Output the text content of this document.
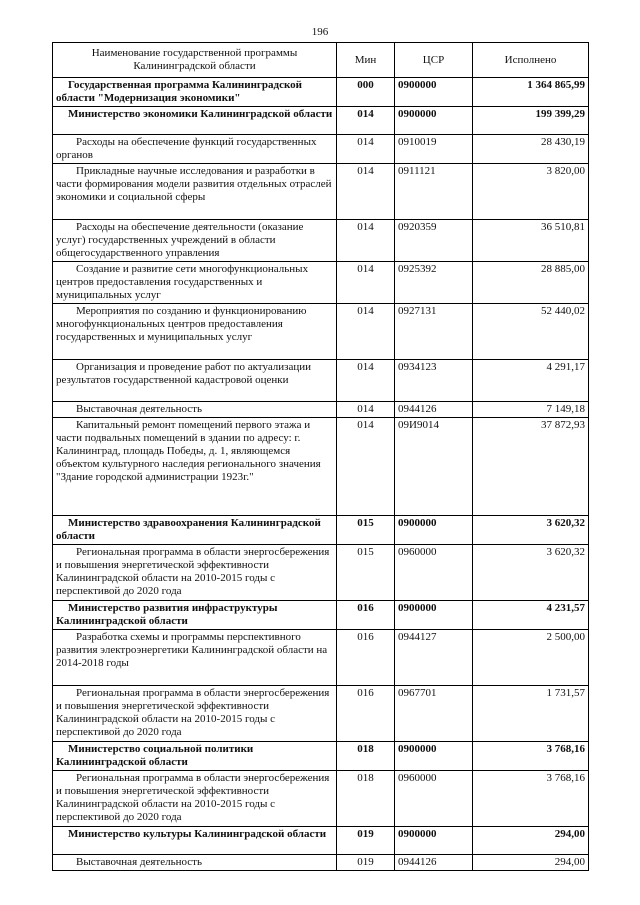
196
Наименование государственной программы Калининградской области	Мин	ЦСР	Исполнено
Государственная программа Калининградской области "Модернизация экономики"	000	0900000	1 364 865,99
Министерство экономики Калининградской области	014	0900000	199 399,29
Расходы на обеспечение функций государственных органов	014	0910019	28 430,19
Прикладные научные исследования и разработки в части формирования модели развития отдельных отраслей экономики и социальной сферы	014	0911121	3 820,00
Расходы на обеспечение деятельности (оказание услуг) государственных учреждений в области общегосударственного управления	014	0920359	36 510,81
Создание и развитие сети многофункциональных центров предоставления государственных и муниципальных услуг	014	0925392	28 885,00
Мероприятия по созданию и функционированию многофункциональных центров предоставления государственных и муниципальных услуг	014	0927131	52 440,02
Организация и проведение работ по актуализации результатов государственной кадастровой оценки	014	0934123	4 291,17
Выставочная деятельность	014	0944126	7 149,18
Капитальный ремонт помещений первого этажа и части подвальных помещений в здании по адресу: г. Калининград, площадь Победы, д. 1, являющемся объектом культурного наследия регионального значения "Здание городской администрации 1923г."	014	09И9014	37 872,93
Министерство здравоохранения Калининградской области	015	0900000	3 620,32
Региональная программа в области энергосбережения и повышения энергетической эффективности Калининградской области на 2010-2015 годы с перспективой до 2020 года	015	0960000	3 620,32
Министерство развития инфраструктуры Калининградской области	016	0900000	4 231,57
Разработка схемы и программы перспективного развития электроэнергетики Калининградской области на 2014-2018 годы	016	0944127	2 500,00
Региональная программа в области энергосбережения и повышения энергетической эффективности Калининградской области на 2010-2015 годы с перспективой до 2020 года	016	0967701	1 731,57
Министерство социальной политики Калининградской области	018	0900000	3 768,16
Региональная программа в области энергосбережения и повышения энергетической эффективности Калининградской области на 2010-2015 годы с перспективой до 2020 года	018	0960000	3 768,16
Министерство культуры Калининградской области	019	0900000	294,00
Выставочная деятельность	019	0944126	294,00
